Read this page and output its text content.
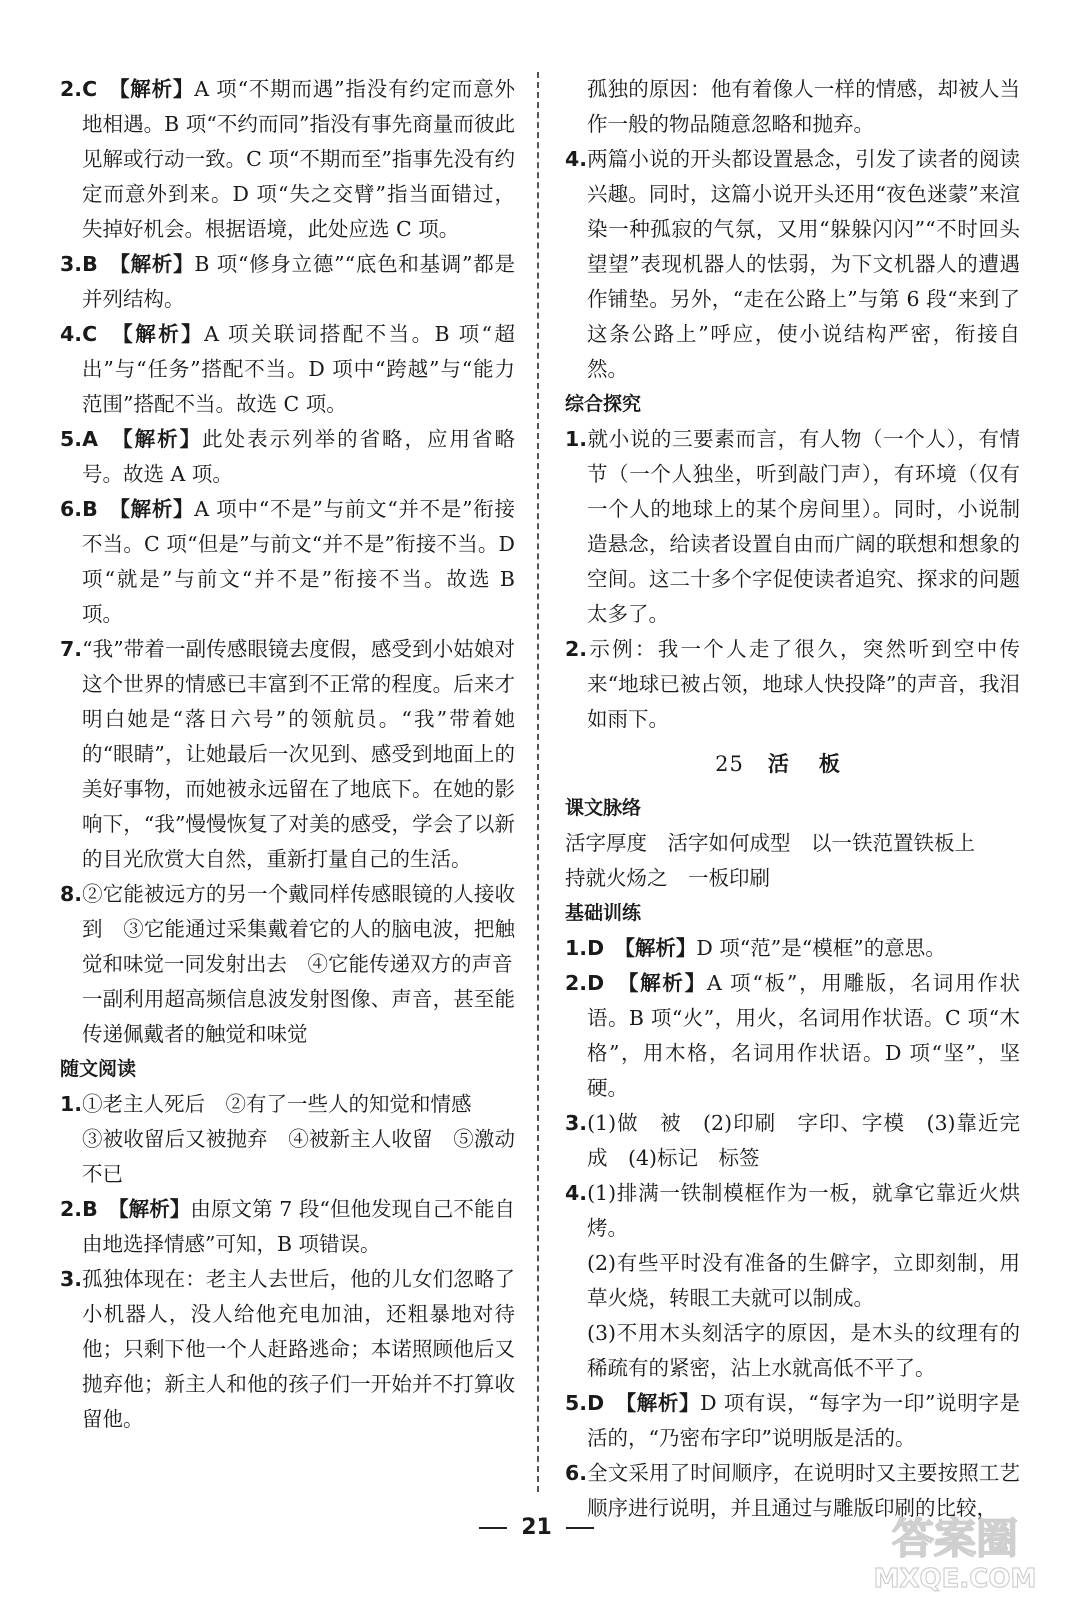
2.C　 【解析】A 项“不期而遇”指没有约定而意外地相遇。B 项“不约而同”指没有事先商量而彼此见解或行动一致。C 项“不期而至”指事先没有约定而意外到来。D 项“失之交臂”指当面错过，失掉好机会。根据语境，此处应选 C 项。

3.B　 【解析】B 项“修身立德”“底色和基调”都是并列结构。

4.C　 【解析】A 项关联词搭配不当。B 项“超出”与“任务”搭配不当。D 项中“跨越”与“能力范围”搭配不当。故选 C 项。

5.A　 【解析】此处表示列举的省略，应用省略号。故选 A 项。

6.B　 【解析】A 项中“不是”与前文“并不是”衔接不当。C 项“但是”与前文“并不是”衔接不当。D 项“就是”与前文“并不是”衔接不当。故选 B 项。

7.“我”带着一副传感眼镜去度假，感受到小姑娘对这个世界的情感已丰富到不正常的程度。后来才明白她是“落日六号”的领航员。“我”带着她的“眼睛”，让她最后一次见到、感受到地面上的美好事物，而她被永远留在了地底下。在她的影响下，“我”慢慢恢复了对美的感受，学会了以新的目光欣赏大自然，重新打量自己的生活。

8.②它能被远方的另一个戴同样传感眼镜的人接收到　③它能通过采集戴着它的人的脑电波，把触觉和味觉一同发射出去　④它能传递双方的声音

一副利用超高频信息波发射图像、声音，甚至能传递佩戴者的触觉和味觉

随文阅读

1.①老主人死后　②有了一些人的知觉和情感

③被收留后又被抛弃　④被新主人收留　⑤激动不已

2.B　 【解析】由原文第 7 段“但他发现自己不能自由地选择情感”可知，B 项错误。

3.孤独体现在：老主人去世后，他的儿女们忽略了小机器人，没人给他充电加油，还粗暴地对待他；只剩下他一个人赶路逃命；本诺照顾他后又抛弃他；新主人和他的孩子们一开始并不打算收留他。

孤独的原因：他有着像人一样的情感，却被人当作一般的物品随意忽略和抛弃。

4.两篇小说的开头都设置悬念，引发了读者的阅读兴趣。同时，这篇小说开头还用“夜色迷蒙”来渲染一种孤寂的气氛，又用“躲躲闪闪”“不时回头望望”表现机器人的怯弱，为下文机器人的遭遇作铺垫。另外，“走在公路上”与第 6 段“来到了这条公路上”呼应，使小说结构严密，衔接自然。

综合探究

1.就小说的三要素而言，有人物（一个人），有情节（一个人独坐，听到敲门声），有环境（仅有一个人的地球上的某个房间里）。同时，小说制造悬念，给读者设置自由而广阔的联想和想象的空间。这二十多个字促使读者追究、探求的问题太多了。

2.示例：我一个人走了很久，突然听到空中传来“地球已被占领，地球人快投降”的声音，我泪如雨下。

25 活板

课文脉络

活字厚度　活字如何成型　以一铁范置铁板上

持就火炀之　一板印刷

基础训练

1.D　 【解析】D 项“范”是“模框”的意思。

2.D　 【解析】A 项“板”，用雕版，名词用作状语。B 项“火”，用火，名词用作状语。C 项“木格”，用木格，名词用作状语。D 项“坚”，坚硬。

3.(1)做　被　(2)印刷　字印、字模　(3)靠近完成　(4)标记　标签

4.(1)排满一铁制模框作为一板，就拿它靠近火烘烤。

(2)有些平时没有准备的生僻字，立即刻制，用草火烧，转眼工夫就可以制成。

(3)不用木头刻活字的原因，是木头的纹理有的稀疏有的紧密，沾上水就高低不平了。

5.D　 【解析】D 项有误，“每字为一印”说明字是活的，“乃密布字印”说明版是活的。

6.全文采用了时间顺序，在说明时又主要按照工艺顺序进行说明，并且通过与雕版印刷的比较，

21	答案圈
MXQE.COM
